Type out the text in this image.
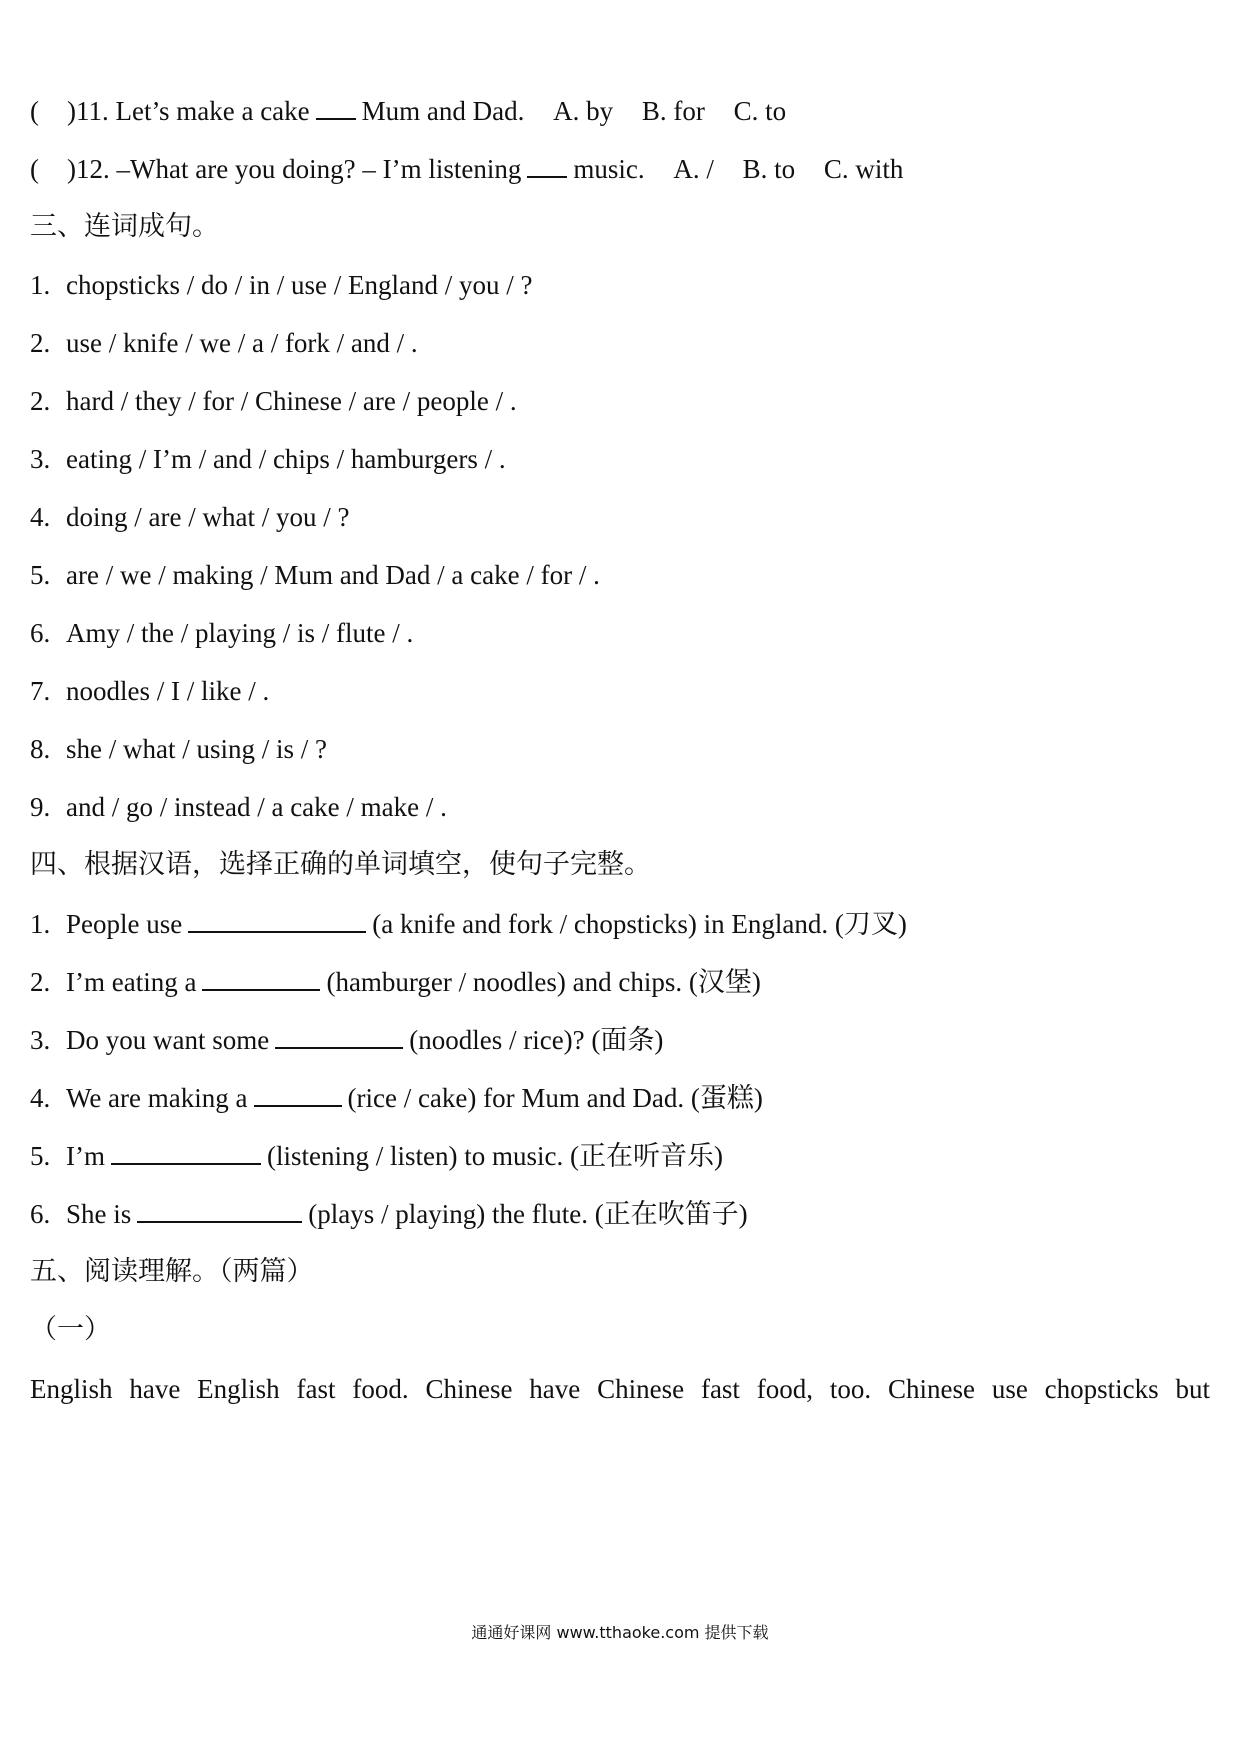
( )11. Let’s make a cake Mum and Dad. A. by B. for C. to
( )12. –What are you doing? – I’m listening music. A. / B. to C. with
三、连词成句。
1. chopsticks / do / in / use / England / you / ?
2. use / knife / we / a / fork / and / .
2. hard / they / for / Chinese / are / people / .
3. eating / I’m / and / chips / hamburgers / .
4. doing / are / what / you / ?
5. are / we / making / Mum and Dad / a cake / for / .
6. Amy / the / playing / is / flute / .
7. noodles / I / like / .
8. she / what / using / is / ?
9. and / go / instead / a cake / make / .
四、根据汉语，选择正确的单词填空，使句子完整。
1. People use	(a knife and fork / chopsticks) in England. (刀叉)
2. I’m eating a	(hamburger / noodles) and chips. (汉堡)
3. Do you want some	(noodles / rice)? (面条)
4. We are making a	(rice / cake) for Mum and Dad. (蛋糕)
5. I’m	(listening / listen) to music. (正在听音乐)
6. She is	(plays / playing) the flute. (正在吹笛子)
五、阅读理解。（两篇）
（一）
English have English fast food. Chinese have Chinese fast food, too. Chinese use chopsticks but
通通好课网 www.tthaoke.com 提供下载
